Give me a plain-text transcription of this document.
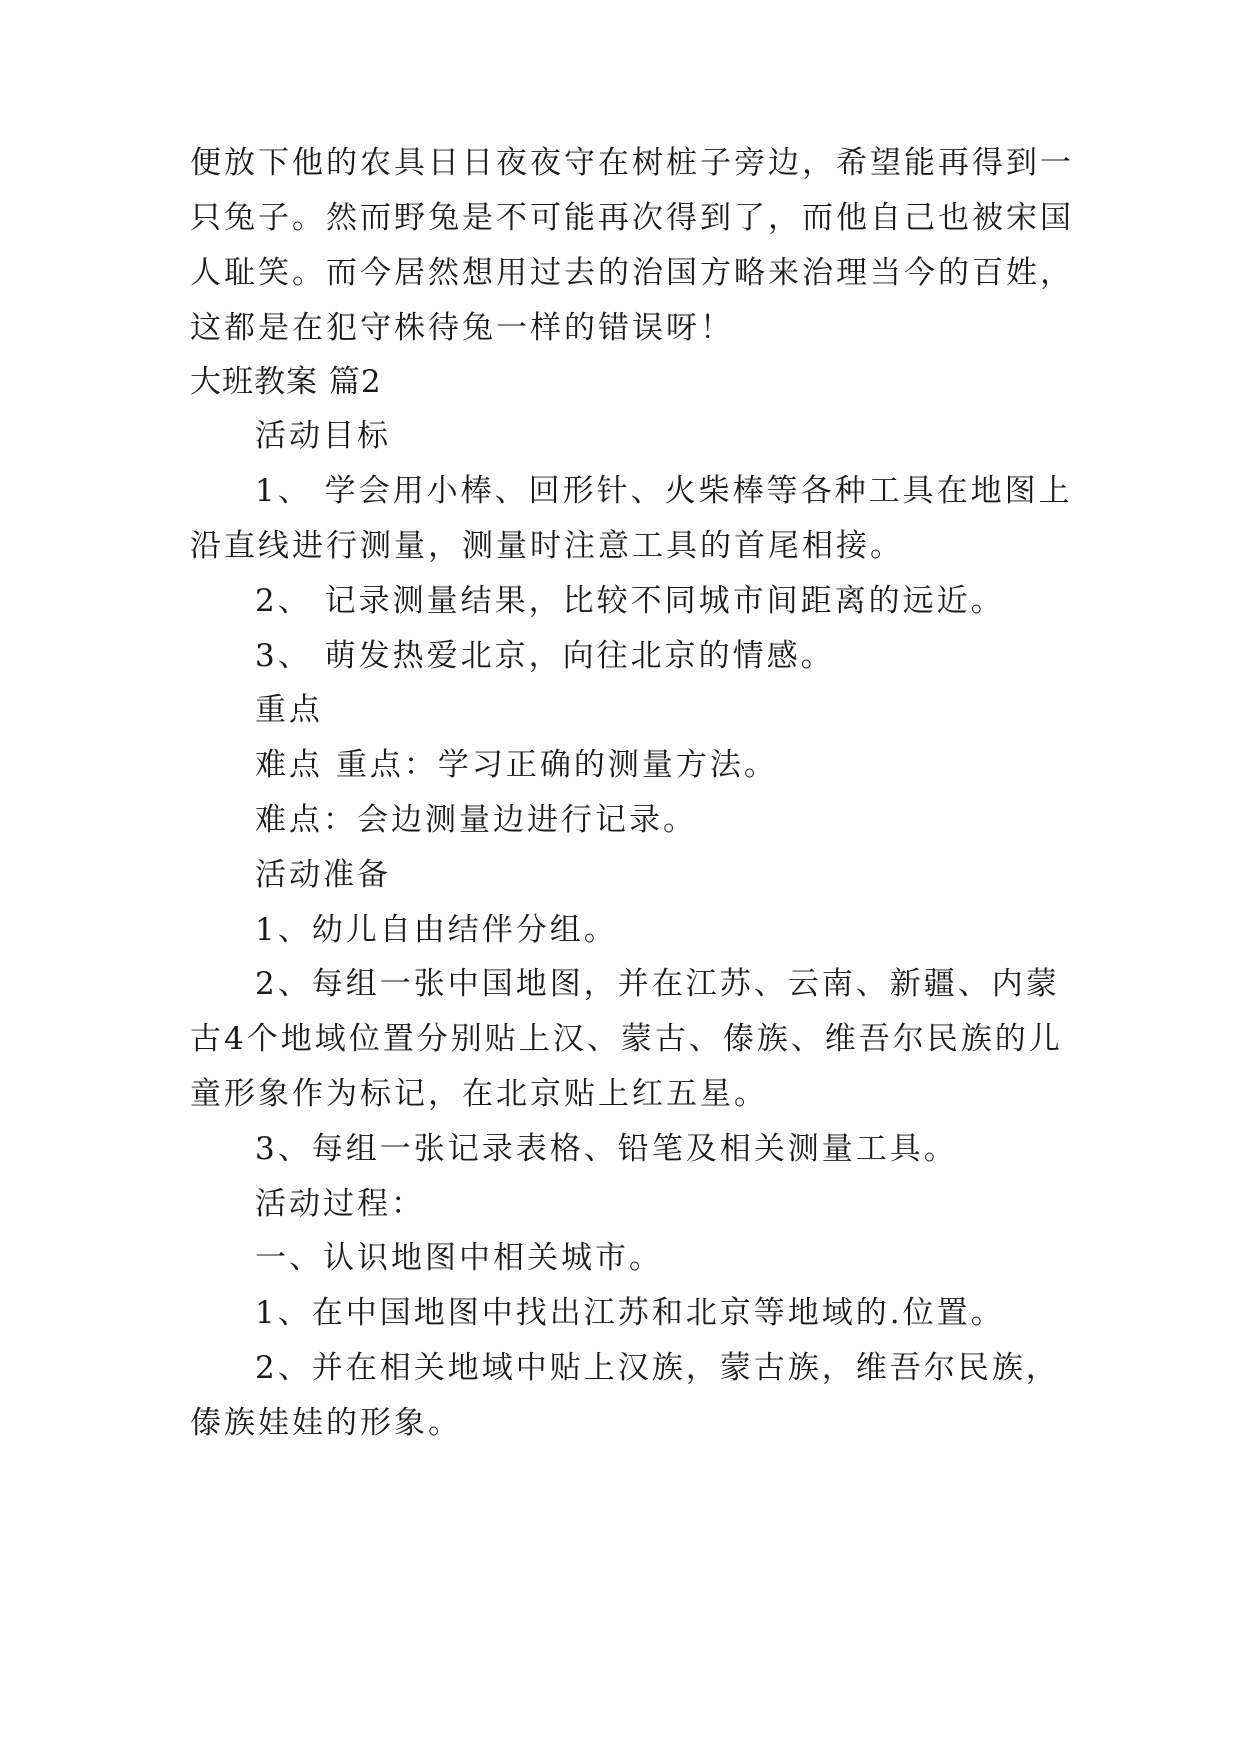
便放下他的农具日日夜夜守在树桩子旁边，希望能再得到一
只兔子。然而野兔是不可能再次得到了，而他自己也被宋国
人耻笑。而今居然想用过去的治国方略来治理当今的百姓，
这都是在犯守株待兔一样的错误呀！
大班教案 篇2
活动目标
1、 学会用小棒、回形针、火柴棒等各种工具在地图上
沿直线进行测量，测量时注意工具的首尾相接。
2、 记录测量结果，比较不同城市间距离的远近。
3、 萌发热爱北京，向往北京的情感。
重点
难点 重点：学习正确的测量方法。
难点：会边测量边进行记录。
活动准备
1、幼儿自由结伴分组。
2、每组一张中国地图，并在江苏、云南、新疆、内蒙
古4个地域位置分别贴上汉、蒙古、傣族、维吾尔民族的儿
童形象作为标记，在北京贴上红五星。
3、每组一张记录表格、铅笔及相关测量工具。
活动过程：
一、认识地图中相关城市。
1、在中国地图中找出江苏和北京等地域的.位置。
2、并在相关地域中贴上汉族，蒙古族，维吾尔民族，
傣族娃娃的形象。
